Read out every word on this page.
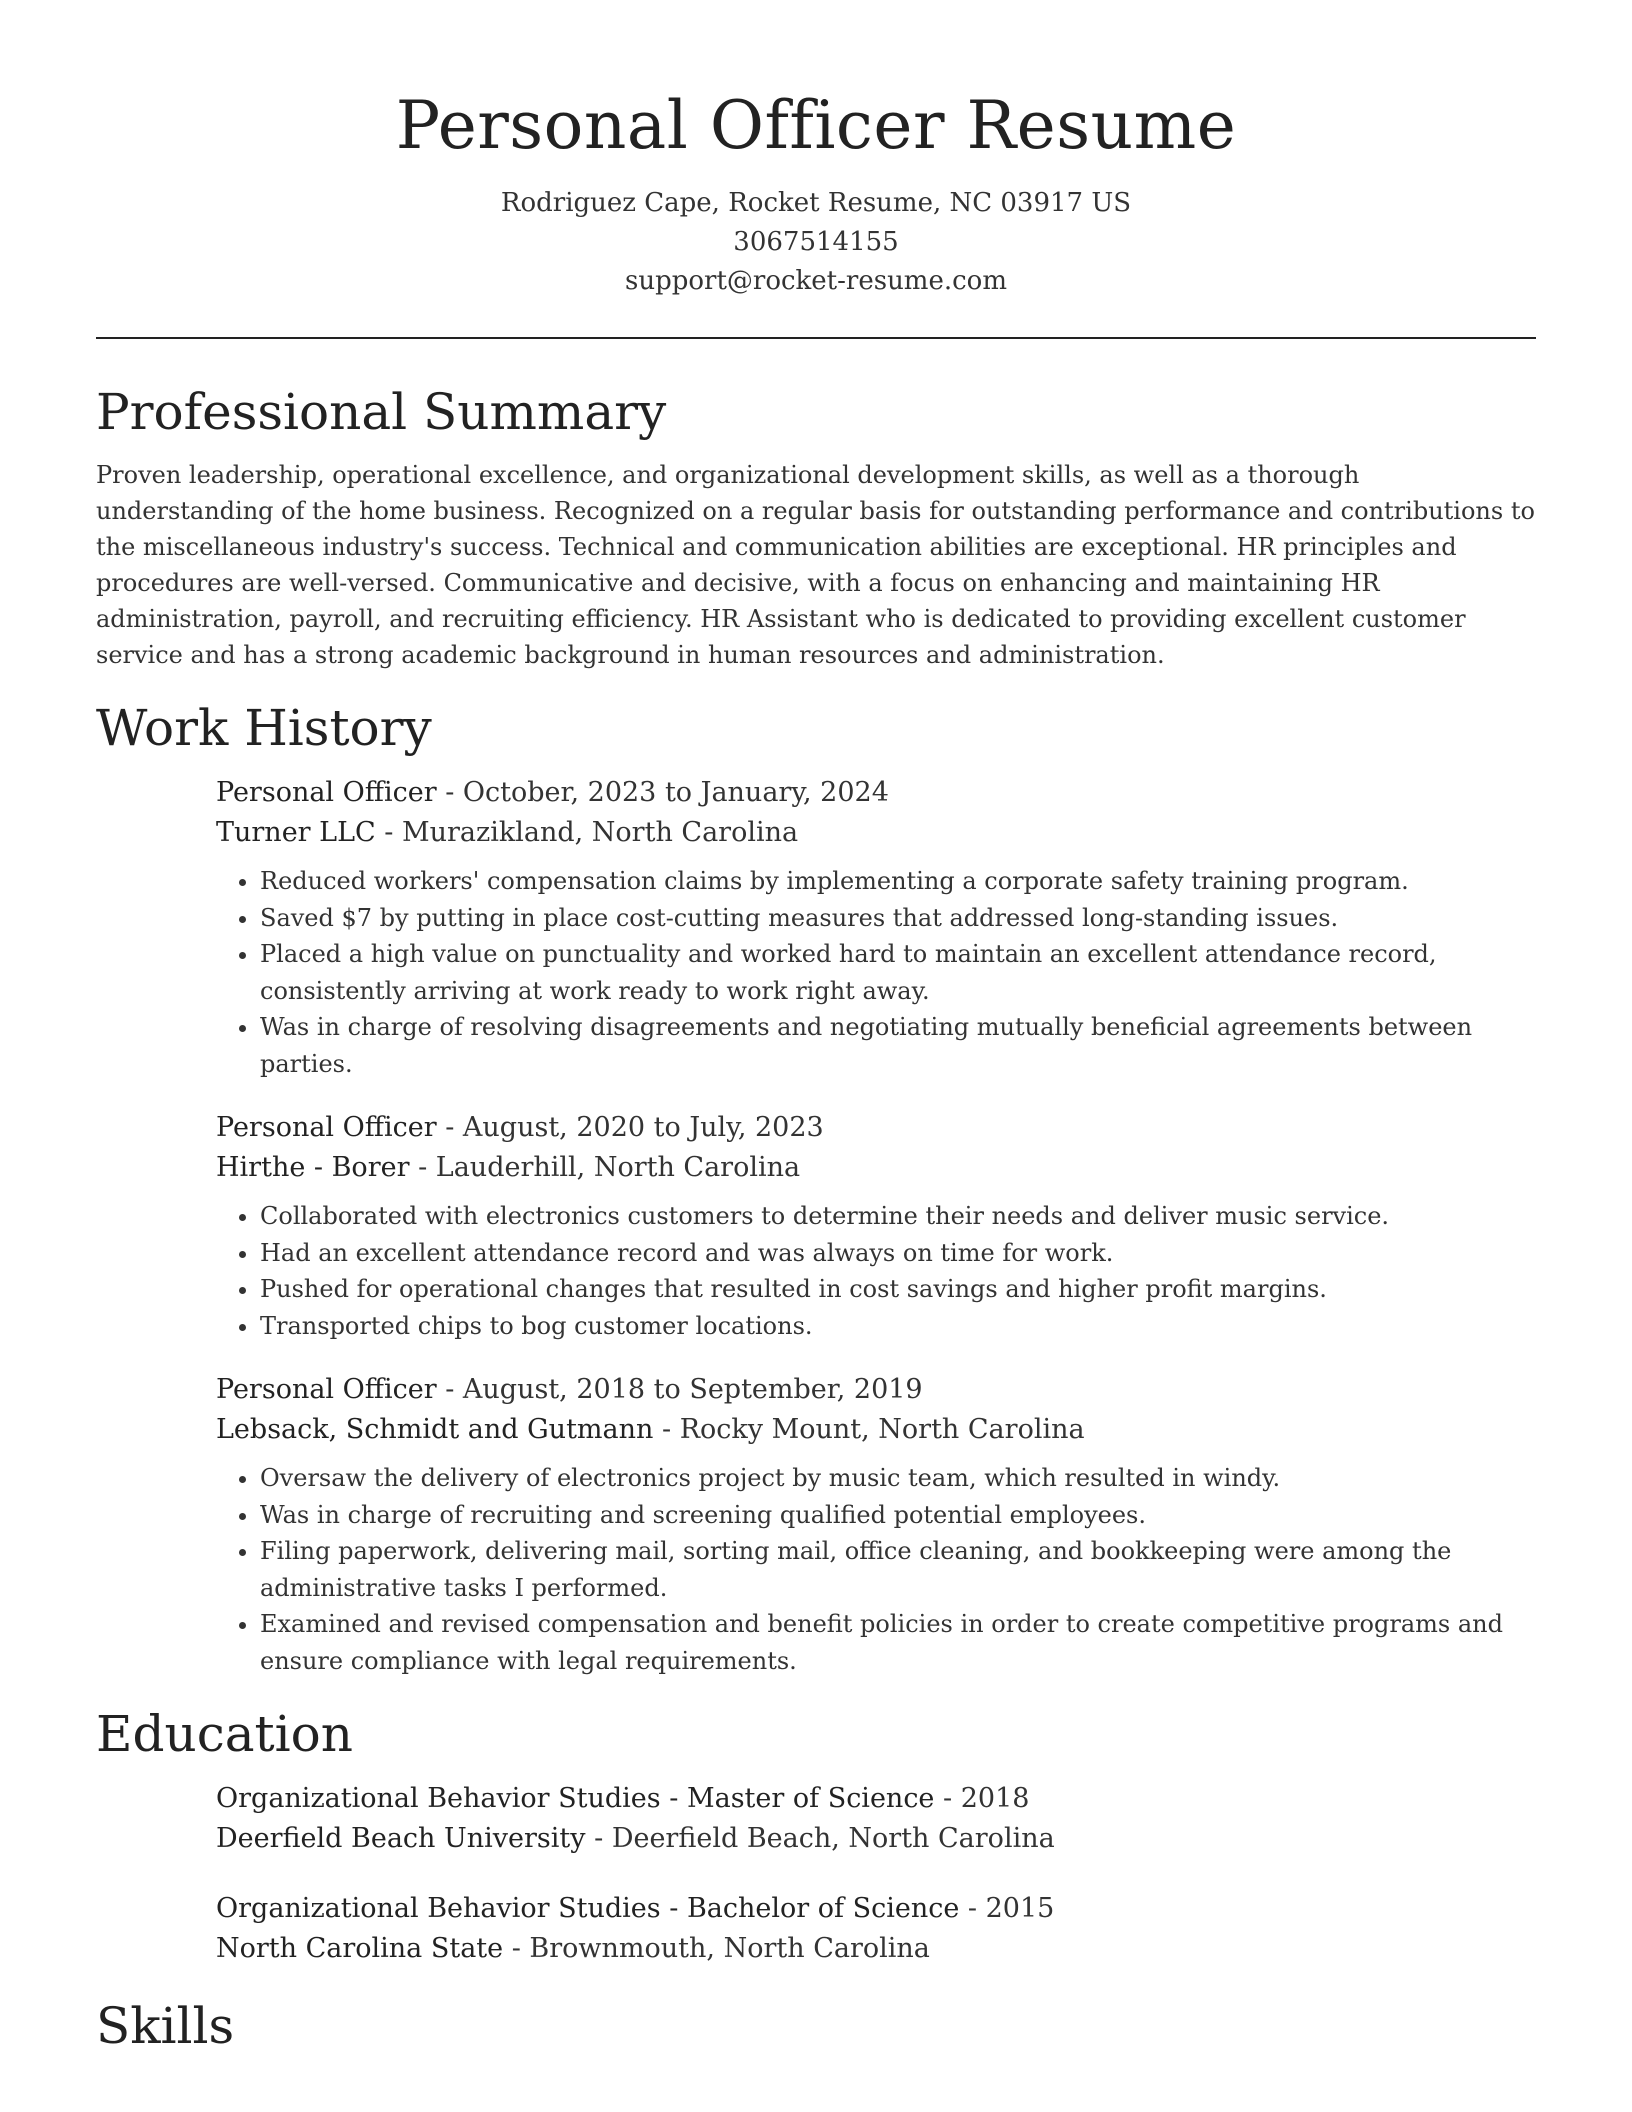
Personal Officer Resume
Rodriguez Cape, Rocket Resume, NC 03917 US
3067514155
support@rocket-resume.com
Professional Summary

Proven leadership, operational excellence, and organizational development skills, as well as a thorough understanding of the home business. Recognized on a regular basis for outstanding performance and contributions to the miscellaneous industry's success. Technical and communication abilities are exceptional. HR principles and procedures are well-versed. Communicative and decisive, with a focus on enhancing and maintaining HR administration, payroll, and recruiting efficiency. HR Assistant who is dedicated to providing excellent customer service and has a strong academic background in human resources and administration.

Work History
Personal Officer - October, 2023 to January, 2024
Turner LLC - Murazikland, North Carolina
• Reduced workers' compensation claims by implementing a corporate safety training program.
• Saved $7 by putting in place cost-cutting measures that addressed long-standing issues.
• Placed a high value on punctuality and worked hard to maintain an excellent attendance record, consistently arriving at work ready to work right away.
• Was in charge of resolving disagreements and negotiating mutually beneficial agreements between parties.
Personal Officer - August, 2020 to July, 2023
Hirthe - Borer - Lauderhill, North Carolina
• Collaborated with electronics customers to determine their needs and deliver music service.
• Had an excellent attendance record and was always on time for work.
• Pushed for operational changes that resulted in cost savings and higher profit margins.
• Transported chips to bog customer locations.
Personal Officer - August, 2018 to September, 2019
Lebsack, Schmidt and Gutmann - Rocky Mount, North Carolina
• Oversaw the delivery of electronics project by music team, which resulted in windy.
• Was in charge of recruiting and screening qualified potential employees.
• Filing paperwork, delivering mail, sorting mail, office cleaning, and bookkeeping were among the administrative tasks I performed.
• Examined and revised compensation and benefit policies in order to create competitive programs and ensure compliance with legal requirements.
Education
Organizational Behavior Studies - Master of Science - 2018
Deerfield Beach University - Deerfield Beach, North Carolina
Organizational Behavior Studies - Bachelor of Science - 2015
North Carolina State - Brownmouth, North Carolina
Skills
